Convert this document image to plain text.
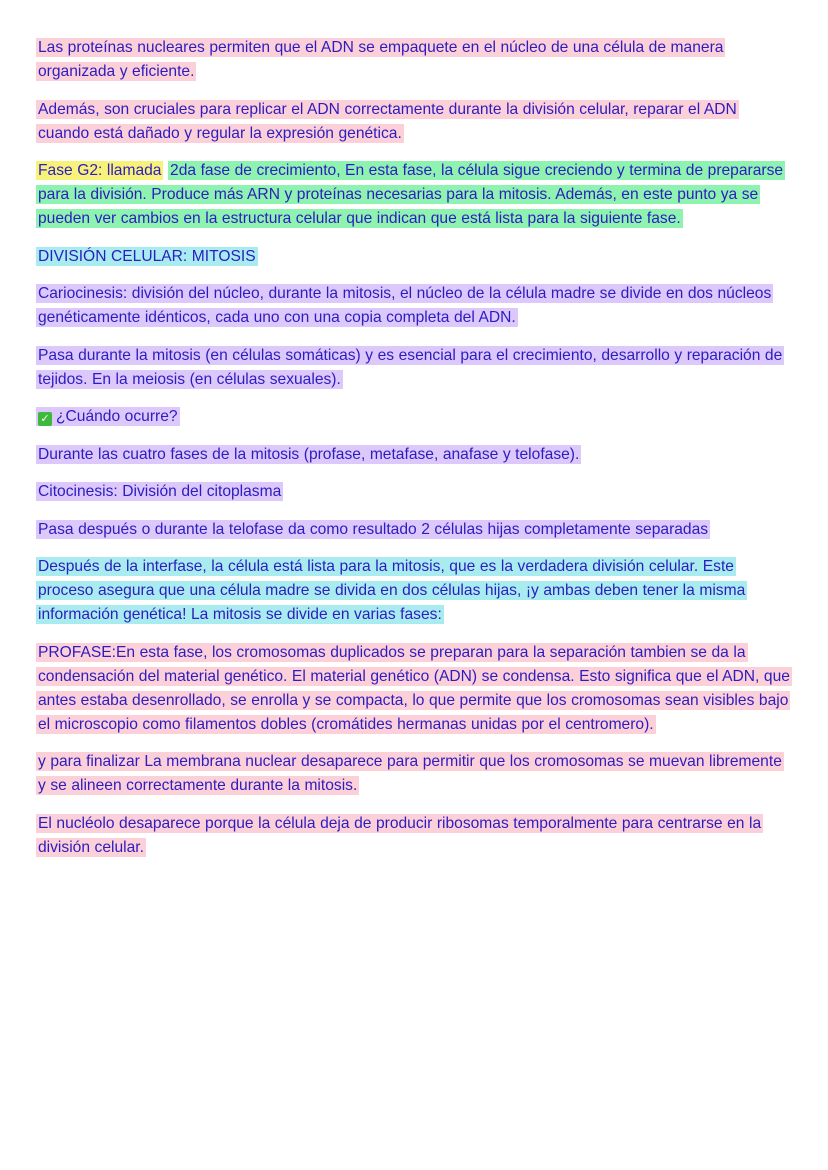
Las proteínas nucleares permiten que el ADN se empaquete en el núcleo de una célula de manera organizada y eficiente.

Además, son cruciales para replicar el ADN correctamente durante la división celular, reparar el ADN cuando está dañado y regular la expresión genética.

Fase G2: llamada 2da fase de crecimiento, En esta fase, la célula sigue creciendo y termina de prepararse para la división. Produce más ARN y proteínas necesarias para la mitosis. Además, en este punto ya se pueden ver cambios en la estructura celular que indican que está lista para la siguiente fase.

DIVISIÓN CELULAR: MITOSIS

Cariocinesis: división del núcleo, durante la mitosis, el núcleo de la célula madre se divide en dos núcleos genéticamente idénticos, cada uno con una copia completa del ADN.

Pasa durante la mitosis (en células somáticas) y es esencial para el crecimiento, desarrollo y reparación de tejidos. En la meiosis (en células sexuales).

✓ ¿Cuándo ocurre?

Durante las cuatro fases de la mitosis (profase, metafase, anafase y telofase).

Citocinesis: División del citoplasma

Pasa después o durante la telofase da como resultado 2 células hijas completamente separadas

Después de la interfase, la célula está lista para la mitosis, que es la verdadera división celular. Este proceso asegura que una célula madre se divida en dos células hijas, ¡y ambas deben tener la misma información genética! La mitosis se divide en varias fases:

PROFASE:En esta fase, los cromosomas duplicados se preparan para la separación tambien se da la condensación del material genético. El material genético (ADN) se condensa. Esto significa que el ADN, que antes estaba desenrollado, se enrolla y se compacta, lo que permite que los cromosomas sean visibles bajo el microscopio como filamentos dobles (cromátides hermanas unidas por el centromero).

y para finalizar La membrana nuclear desaparece para permitir que los cromosomas se muevan libremente y se alineen correctamente durante la mitosis.

El nucléolo desaparece porque la célula deja de producir ribosomas temporalmente para centrarse en la división celular.
